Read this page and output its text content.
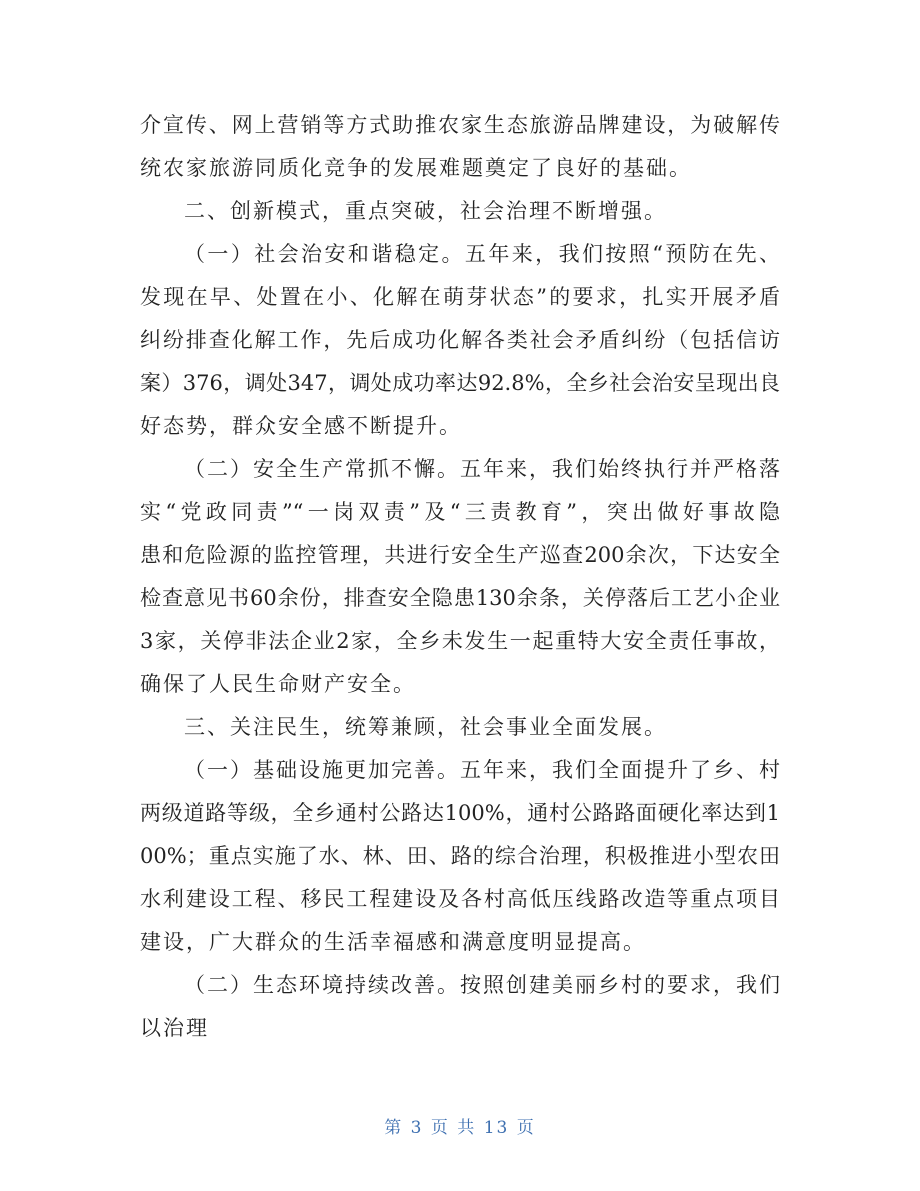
介宣传、网上营销等方式助推农家生态旅游品牌建设，为破解传
统农家旅游同质化竞争的发展难题奠定了良好的基础。
二、创新模式，重点突破，社会治理不断增强。
（一）社会治安和谐稳定。五年来，我们按照“预防在先、
发现在早、处置在小、化解在萌芽状态”的要求，扎实开展矛盾
纠纷排查化解工作，先后成功化解各类社会矛盾纠纷（包括信访
案）376，调处347，调处成功率达92.8%，全乡社会治安呈现出良
好态势，群众安全感不断提升。
（二）安全生产常抓不懈。五年来，我们始终执行并严格落
实“党政同责”“一岗双责”及“三责教育”，突出做好事故隐
患和危险源的监控管理，共进行安全生产巡查200余次，下达安全
检查意见书60余份，排查安全隐患130余条，关停落后工艺小企业
3家，关停非法企业2家，全乡未发生一起重特大安全责任事故，
确保了人民生命财产安全。
三、关注民生，统筹兼顾，社会事业全面发展。
（一）基础设施更加完善。五年来，我们全面提升了乡、村
两级道路等级，全乡通村公路达100%，通村公路路面硬化率达到1
00%；重点实施了水、林、田、路的综合治理，积极推进小型农田
水利建设工程、移民工程建设及各村高低压线路改造等重点项目
建设，广大群众的生活幸福感和满意度明显提高。
（二）生态环境持续改善。按照创建美丽乡村的要求，我们
以治理
第 3 页 共 13 页
